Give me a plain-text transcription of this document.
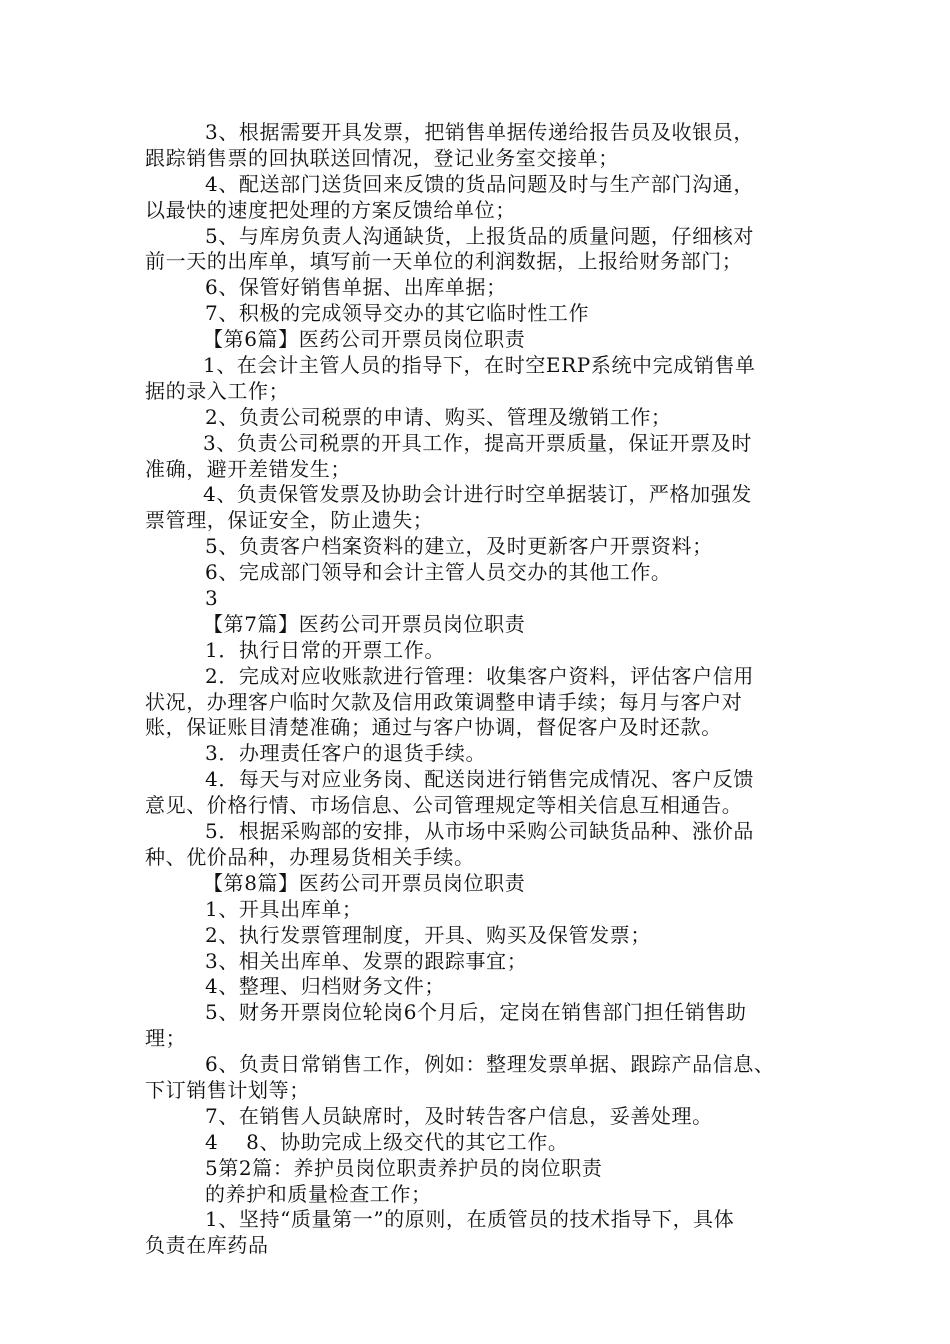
3、根据需要开具发票，把销售单据传递给报告员及收银员，
跟踪销售票的回执联送回情况，登记业务室交接单；
4、配送部门送货回来反馈的货品问题及时与生产部门沟通，
以最快的速度把处理的方案反馈给单位；
5、与库房负责人沟通缺货，上报货品的质量问题，仔细核对
前一天的出库单，填写前一天单位的利润数据，上报给财务部门；
6、保管好销售单据、出库单据；
7、积极的完成领导交办的其它临时性工作
【第6篇】医药公司开票员岗位职责
1、在会计主管人员的指导下，在时空ERP系统中完成销售单
据的录入工作；
2、负责公司税票的申请、购买、管理及缴销工作；
3、负责公司税票的开具工作，提高开票质量，保证开票及时
准确，避开差错发生；
4、负责保管发票及协助会计进行时空单据装订，严格加强发
票管理，保证安全，防止遗失；
5、负责客户档案资料的建立，及时更新客户开票资料；
6、完成部门领导和会计主管人员交办的其他工作。
3
【第7篇】医药公司开票员岗位职责
1．执行日常的开票工作。
2．完成对应收账款进行管理：收集客户资料，评估客户信用
状况，办理客户临时欠款及信用政策调整申请手续；每月与客户对
账，保证账目清楚准确；通过与客户协调，督促客户及时还款。
3．办理责任客户的退货手续。
4．每天与对应业务岗、配送岗进行销售完成情况、客户反馈
意见、价格行情、市场信息、公司管理规定等相关信息互相通告。
5．根据采购部的安排，从市场中采购公司缺货品种、涨价品
种、优价品种，办理易货相关手续。
【第8篇】医药公司开票员岗位职责
1、开具出库单；
2、执行发票管理制度，开具、购买及保管发票；
3、相关出库单、发票的跟踪事宜；
4、整理、归档财务文件；
5、财务开票岗位轮岗6个月后，定岗在销售部门担任销售助
理；
6、负责日常销售工作，例如：整理发票单据、跟踪产品信息、
下订销售计划等；
7、在销售人员缺席时，及时转告客户信息，妥善处理。
4    8、协助完成上级交代的其它工作。
5第2篇：养护员岗位职责养护员的岗位职责
的养护和质量检查工作；
1、坚持“质量第一”的原则，在质管员的技术指导下，具体
负责在库药品
